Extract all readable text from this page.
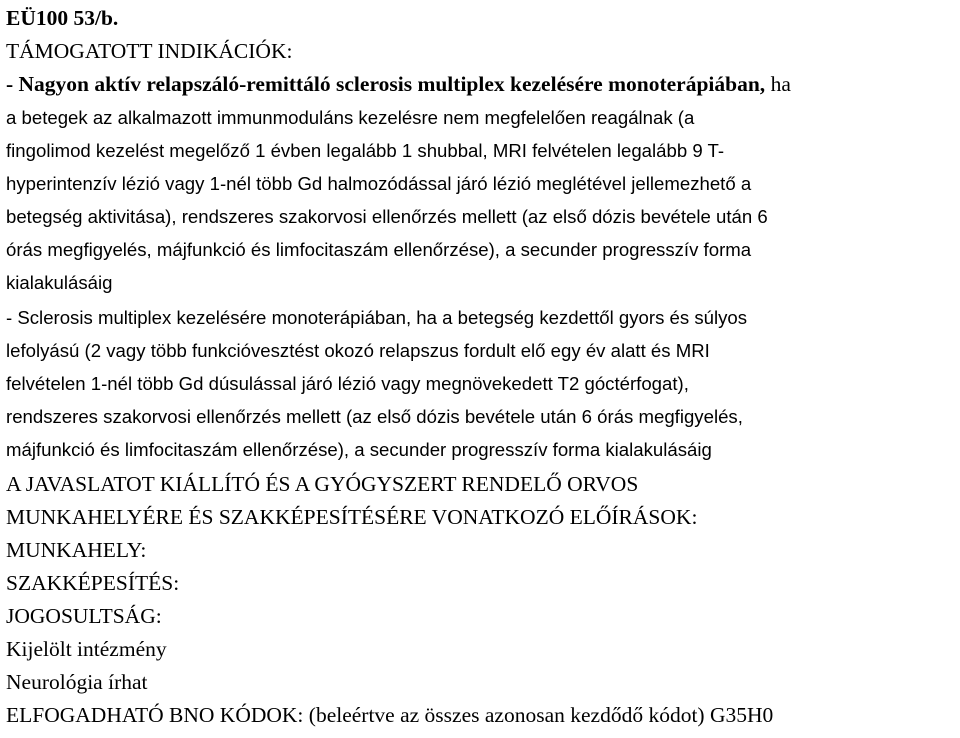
EÜ100 53/b.
TÁMOGATOTT INDIKÁCIÓK:
- Nagyon aktív relapszáló-remittáló sclerosis multiplex kezelésére monoterápiában, ha
a betegek az alkalmazott immunmoduláns kezelésre nem megfelelően reagálnak (a
fingolimod kezelést megelőző 1 évben legalább 1 shubbal, MRI felvételen legalább 9 T-
hyperintenzív lézió vagy 1-nél több Gd halmozódással járó lézió meglétével jellemezhető a
betegség aktivitása), rendszeres szakorvosi ellenőrzés mellett (az első dózis bevétele után 6
órás megfigyelés, májfunkció és limfocitaszám ellenőrzése), a secunder progresszív forma
kialakulásáig
- Sclerosis multiplex kezelésére monoterápiában, ha a betegség kezdettől gyors és súlyos
lefolyású (2 vagy több funkcióvesztést okozó relapszus fordult elő egy év alatt és MRI
felvételen 1-nél több Gd dúsulással járó lézió vagy megnövekedett T2 góctérfogat),
rendszeres szakorvosi ellenőrzés mellett (az első dózis bevétele után 6 órás megfigyelés,
májfunkció és limfocitaszám ellenőrzése), a secunder progresszív forma kialakulásáig
A JAVASLATOT KIÁLLÍTÓ ÉS A GYÓGYSZERT RENDELŐ ORVOS
MUNKAHELYÉRE ÉS SZAKKÉPESÍTÉSÉRE VONATKOZÓ ELŐÍRÁSOK:
MUNKAHELY:
SZAKKÉPESÍTÉS:
JOGOSULTSÁG:
Kijelölt intézmény
Neurológia írhat
ELFOGADHATÓ BNO KÓDOK: (beleértve az összes azonosan kezdődő kódot) G35H0
